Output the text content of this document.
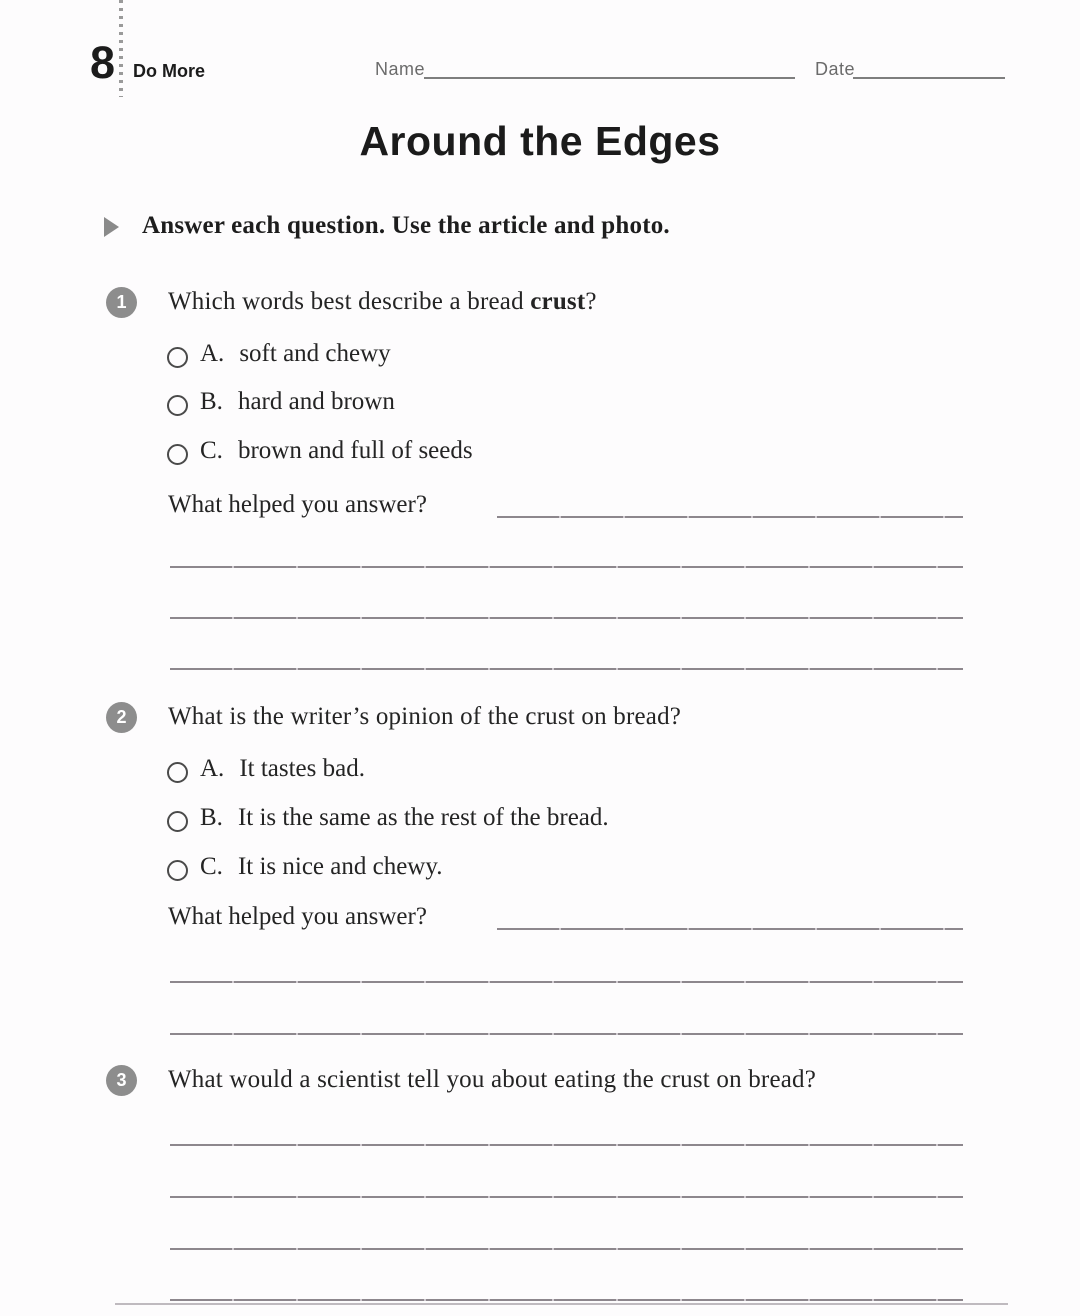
8 Do More	Name	Date
Around the Edges
Answer each question. Use the article and photo.
1	Which words best describe a bread crust?
A. soft and chewy
B. hard and brown
C. brown and full of seeds
What helped you answer?
2	What is the writer’s opinion of the crust on bread?
A. It tastes bad.
B. It is the same as the rest of the bread.
C. It is nice and chewy.
What helped you answer?
3	What would a scientist tell you about eating the crust on bread?
